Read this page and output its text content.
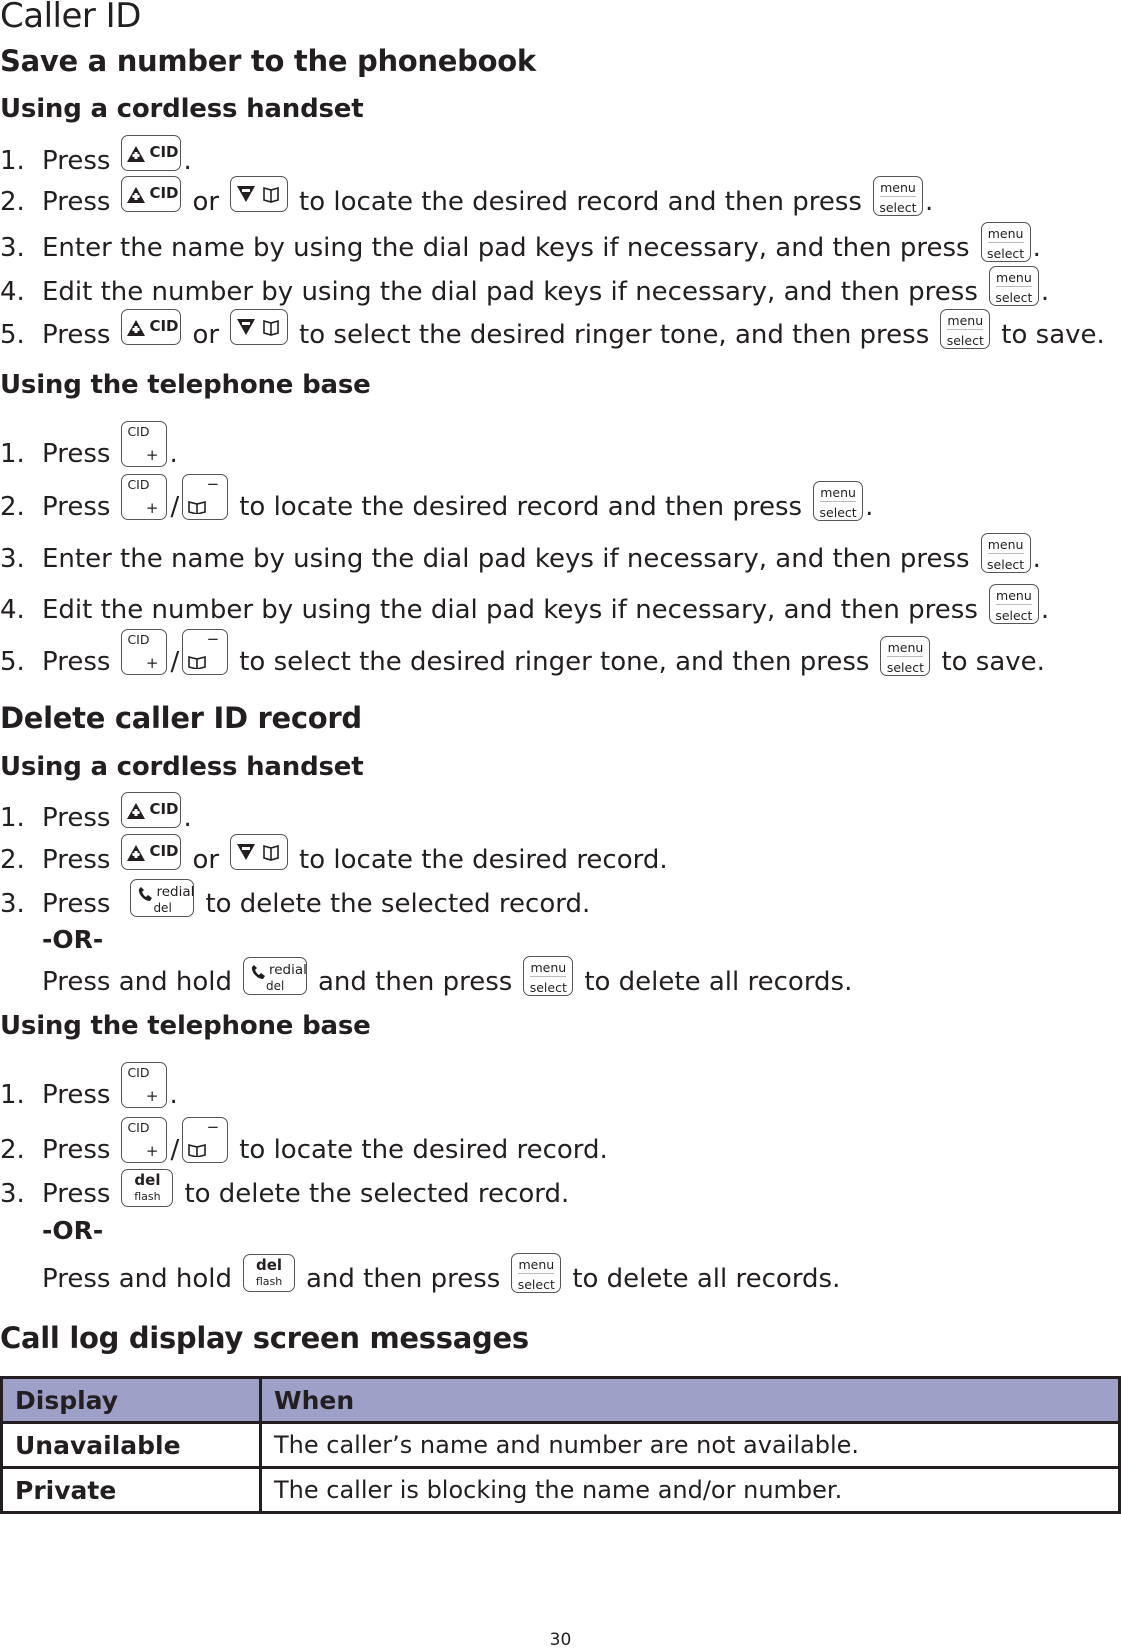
Caller ID
Save a number to the phonebook
Using a cordless handset
1. Press	CID .
2. Press	CID or	to locate the desired record and then press	menu
select .
3. Enter the name by using the dial pad keys if necessary, and then press	menu
select .
4. Edit the number by using the dial pad keys if necessary, and then press	menu
select .
5. Press	CID or	to select the desired ringer tone, and then press	menu
select to save.
Using the telephone base
1. Press
CID
+ .
2. Press
CID
+ /
−
to locate the desired record and then press	menu
select .
3. Enter the name by using the dial pad keys if necessary, and then press	menu
select .
4. Edit the number by using the dial pad keys if necessary, and then press	menu
select .
5. Press
CID
+ /
−
to select the desired ringer tone, and then press	menu
select to save.
Delete caller ID record
Using a cordless handset
1. Press	CID .
2. Press	CID or	to locate the desired record.
3. Press	redial
del to delete the selected record.
-OR-
Press and hold	redial
del and then press	menu
select to delete all records.
Using the telephone base
1. Press
CID
+ .
2. Press
CID
+ /
−
to locate the desired record.
3. Press	del
flash to delete the selected record.
-OR-
Press and hold	del
flash and then press	menu
select to delete all records.
Call log display screen messages
Display	When
Unavailable	The caller’s name and number are not available.
Private	The caller is blocking the name and/or number.
30
